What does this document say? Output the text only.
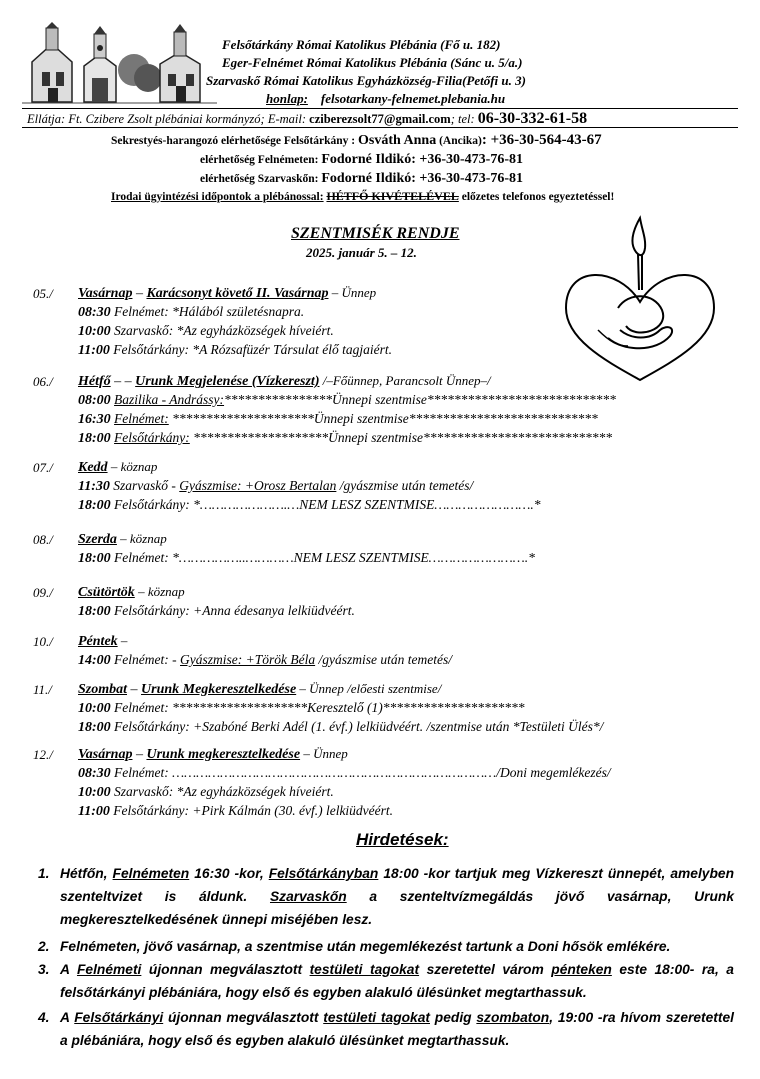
Felsőtárkány Római Katolikus Plébánia (Fő u. 182)
Eger-Felnémet Római Katolikus Plébánia (Sánc u. 5/a.)
Szarvaskő Római Katolikus Egyházközség-Filia(Petőfi u. 3)
honlap: felsotarkany-felnemet.plebania.hu
Ellátja: Ft. Czibere Zsolt plébániai kormányzó; E-mail: cziberezsolt77@gmail.com; tel: 06-30-332-61-58
Sekrestyés-harangozó elérhetősége Felsőtárkány : Osváth Anna (Ancika): +36-30-564-43-67
elérhetőség Felnémeten: Fodorné Ildikó: +36-30-473-76-81
elérhetőség Szarvaskőn: Fodorné Ildikó: +36-30-473-76-81
Irodai ügyintézési időpontok a plébánossal: HÉTFŐ KIVÉTELÉVEL előzetes telefonos egyeztetéssel!
SZENTMISÉK RENDJE
2025. január 5. – 12.
05./ Vasárnap – Karácsonyt követő II. Vasárnap – Ünnep
08:30 Felnémet: *Hálából születésnapra.
10:00 Szarvaskő: *Az egyházközségek híveiért.
11:00 Felsőtárkány: *A Rózsafüzér Társulat élő tagjaiért.
06./ Hétfő – – Urunk Megjelenése (Vízkereszt) /–Főünnep, Parancsolt Ünnep–/
08:00 Bazilika - Andrássy:****************Ünnepi szentmise****************************
16:30 Felnémet: *********************Ünnepi szentmise****************************
18:00 Felsőtárkány: ********************Ünnepi szentmise****************************
07./ Kedd – köznap
11:30 Szarvaskő - Gyászmise: +Orosz Bertalan /gyászmise után temetés/
18:00 Felsőtárkány: *………………….…NEM LESZ SZENTMISE…………………….*
08./ Szerda – köznap
18:00 Felnémet: *……………..…………NEM LESZ SZENTMISE…………………….*
09./ Csütörtök – köznap
18:00 Felsőtárkány: +Anna édesanya lelkiüdvéért.
10./ Péntek –
14:00 Felnémet: - Gyászmise: +Török Béla /gyászmise után temetés/
11./ Szombat – Urunk Megkeresztelkedése – Ünnep /előesti szentmise/
10:00 Felnémet: ********************Keresztelő (1)*********************
18:00 Felsőtárkány: +Szabóné Berki Adél (1. évf.) lelkiüdvéért. /szentmise után *Testületi Ülés*/
12./ Vasárnap – Urunk megkeresztelkedése – Ünnep
08:30 Felnémet: ………………………………………………………………………/Doni megemlékezés/
10:00 Szarvaskő: *Az egyházközségek híveiért.
11:00 Felsőtárkány: +Pirk Kálmán (30. évf.) lelkiüdvéért.
Hirdetések:
1. Hétfőn, Felnémeten 16:30 -kor, Felsőtárkányban 18:00 -kor tartjuk meg Vízkereszt ünnepét, amelyben szenteltvizet is áldunk. Szarvaskőn a szenteltvízmegáldás jövő vasárnap, Urunk megkeresztelkedésének ünnepi miséjében lesz.
2. Felnémeten, jövő vasárnap, a szentmise után megemlékezést tartunk a Doni hősök emlékére.
3. A Felnémeti újonnan megválasztott testületi tagokat szeretettel várom pénteken este 18:00- ra, a felsőtárkányi plébániára, hogy első és egyben alakuló ülésünket megtarthassuk.
4. A Felsőtárkányi újonnan megválasztott testületi tagokat pedig szombaton, 19:00 -ra hívom szeretettel a plébániára, hogy első és egyben alakuló ülésünket megtarthassuk.
